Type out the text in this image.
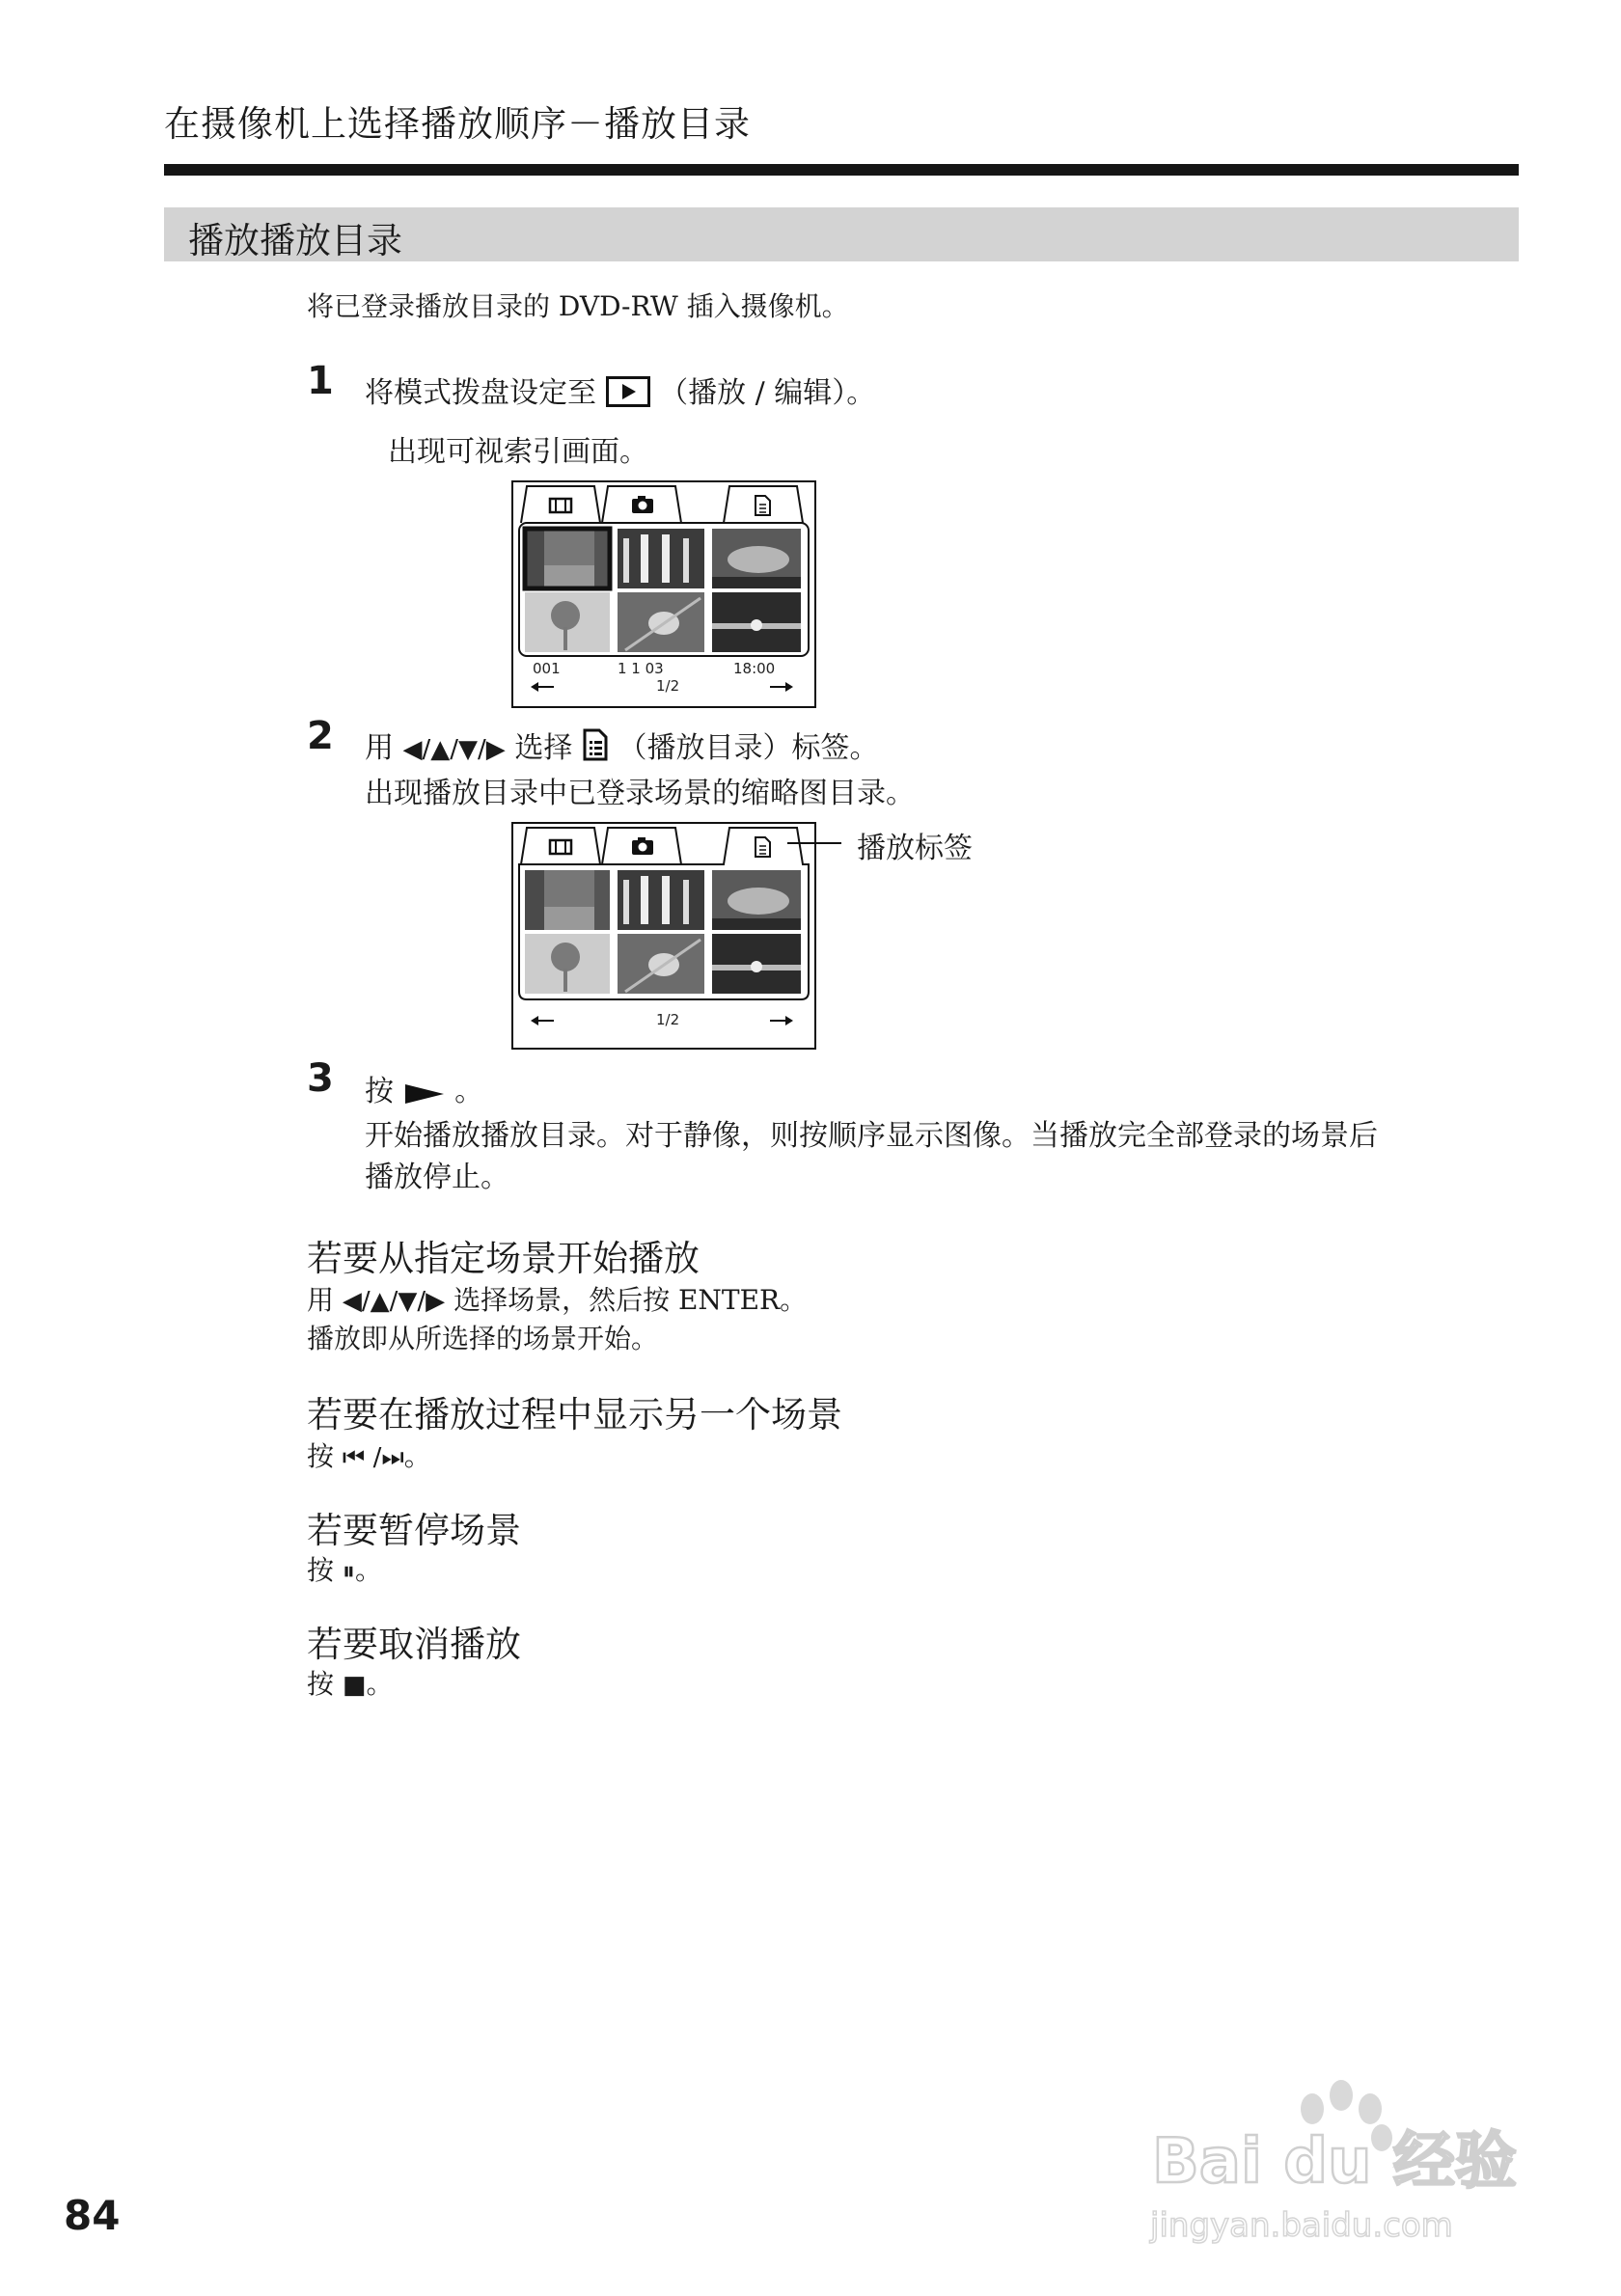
在摄像机上选择播放顺序－播放目录
播放播放目录
将已登录播放目录的 DVD-RW 插入摄像机。
1 将模式拨盘设定至 （播放 / 编辑）。
出现可视索引画面。
001	1 1 03	18:00
1/2
2 用 ◀/▲/▼/▶ 选择 （播放目录）标签。
出现播放目录中已登录场景的缩略图目录。
1/2
播放标签
3 按 。
开始播放播放目录。对于静像，则按顺序显示图像。当播放完全部登录的场景后
播放停止。
若要从指定场景开始播放
用 ◀/▲/▼/▶ 选择场景，然后按 ENTER。
播放即从所选择的场景开始。
若要在播放过程中显示另一个场景
按 ⏮ /⏭。
若要暂停场景
按 ⏸。
若要取消播放
按 ■。
84
Bai du 经验
jingyan.baidu.com
